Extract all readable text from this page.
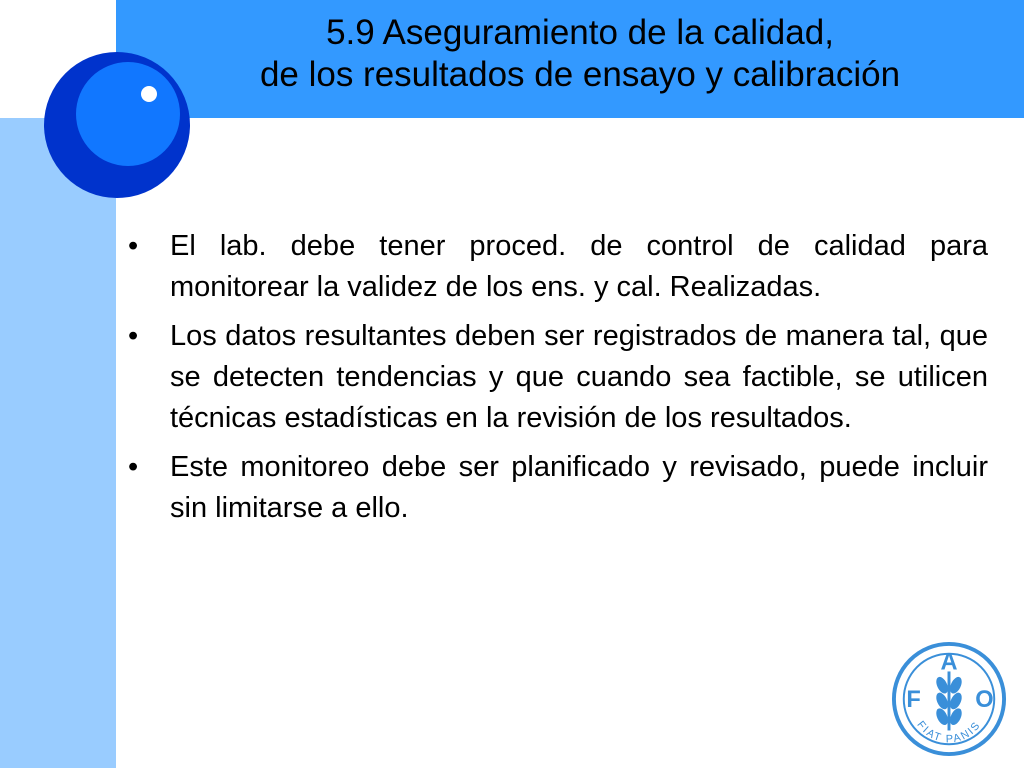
5.9 Aseguramiento de la calidad,
de los resultados de ensayo y calibración
• El lab. debe tener proced. de control de calidad para monitorear la validez de los ens. y cal. Realizadas.
• Los datos resultantes deben ser registrados de manera tal, que se detecten tendencias y que cuando sea factible, se utilicen técnicas estadísticas en la revisión de los resultados.
• Este monitoreo debe ser planificado y revisado, puede incluir sin limitarse a ello.
F
A
O
FIAT PANIS
